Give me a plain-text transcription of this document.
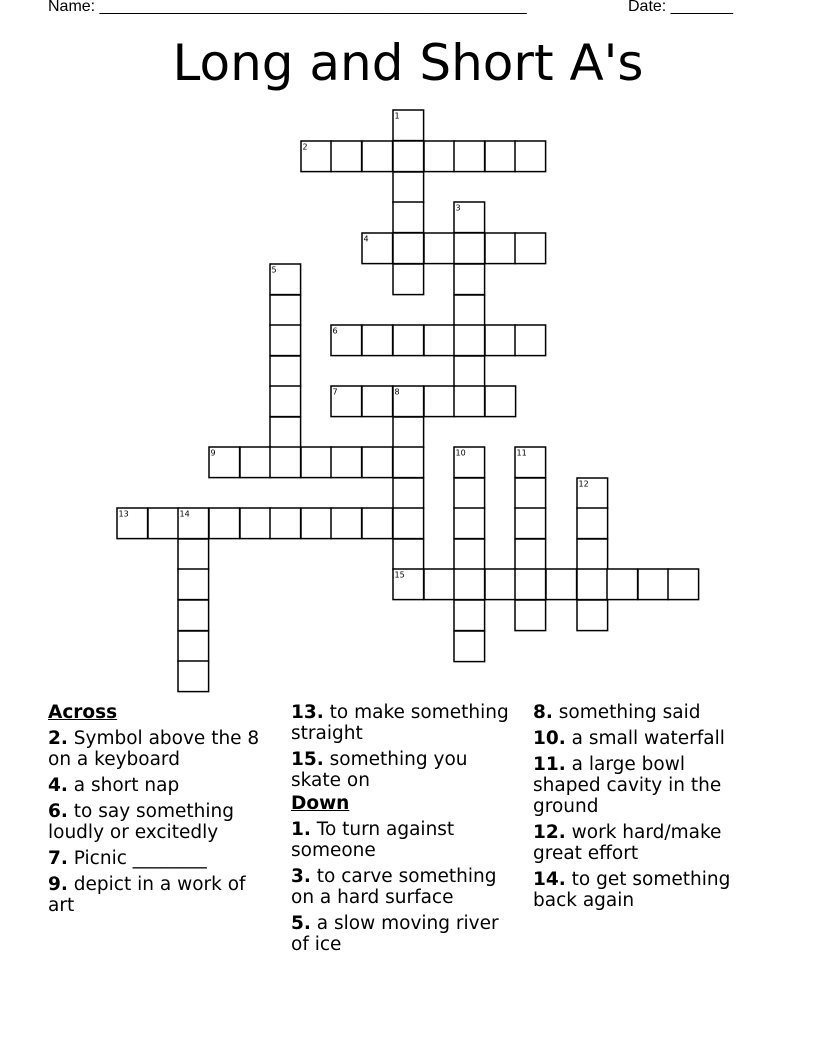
Name: ________________________________________________	Date: _______
Long and Short A's
1
2
3
4
5
6
7	8
9	10	11
12
13	14
15
Across
2. Symbol above the 8 on a keyboard
4. a short nap
6. to say something loudly or excitedly
7. Picnic ________
9. depict in a work of art
13. to make something straight
15. something you skate on
Down
1. To turn against someone
3. to carve something on a hard surface
5. a slow moving river of ice
8. something said
10. a small waterfall
11. a large bowl shaped cavity in the ground
12. work hard/make great effort
14. to get something back again
